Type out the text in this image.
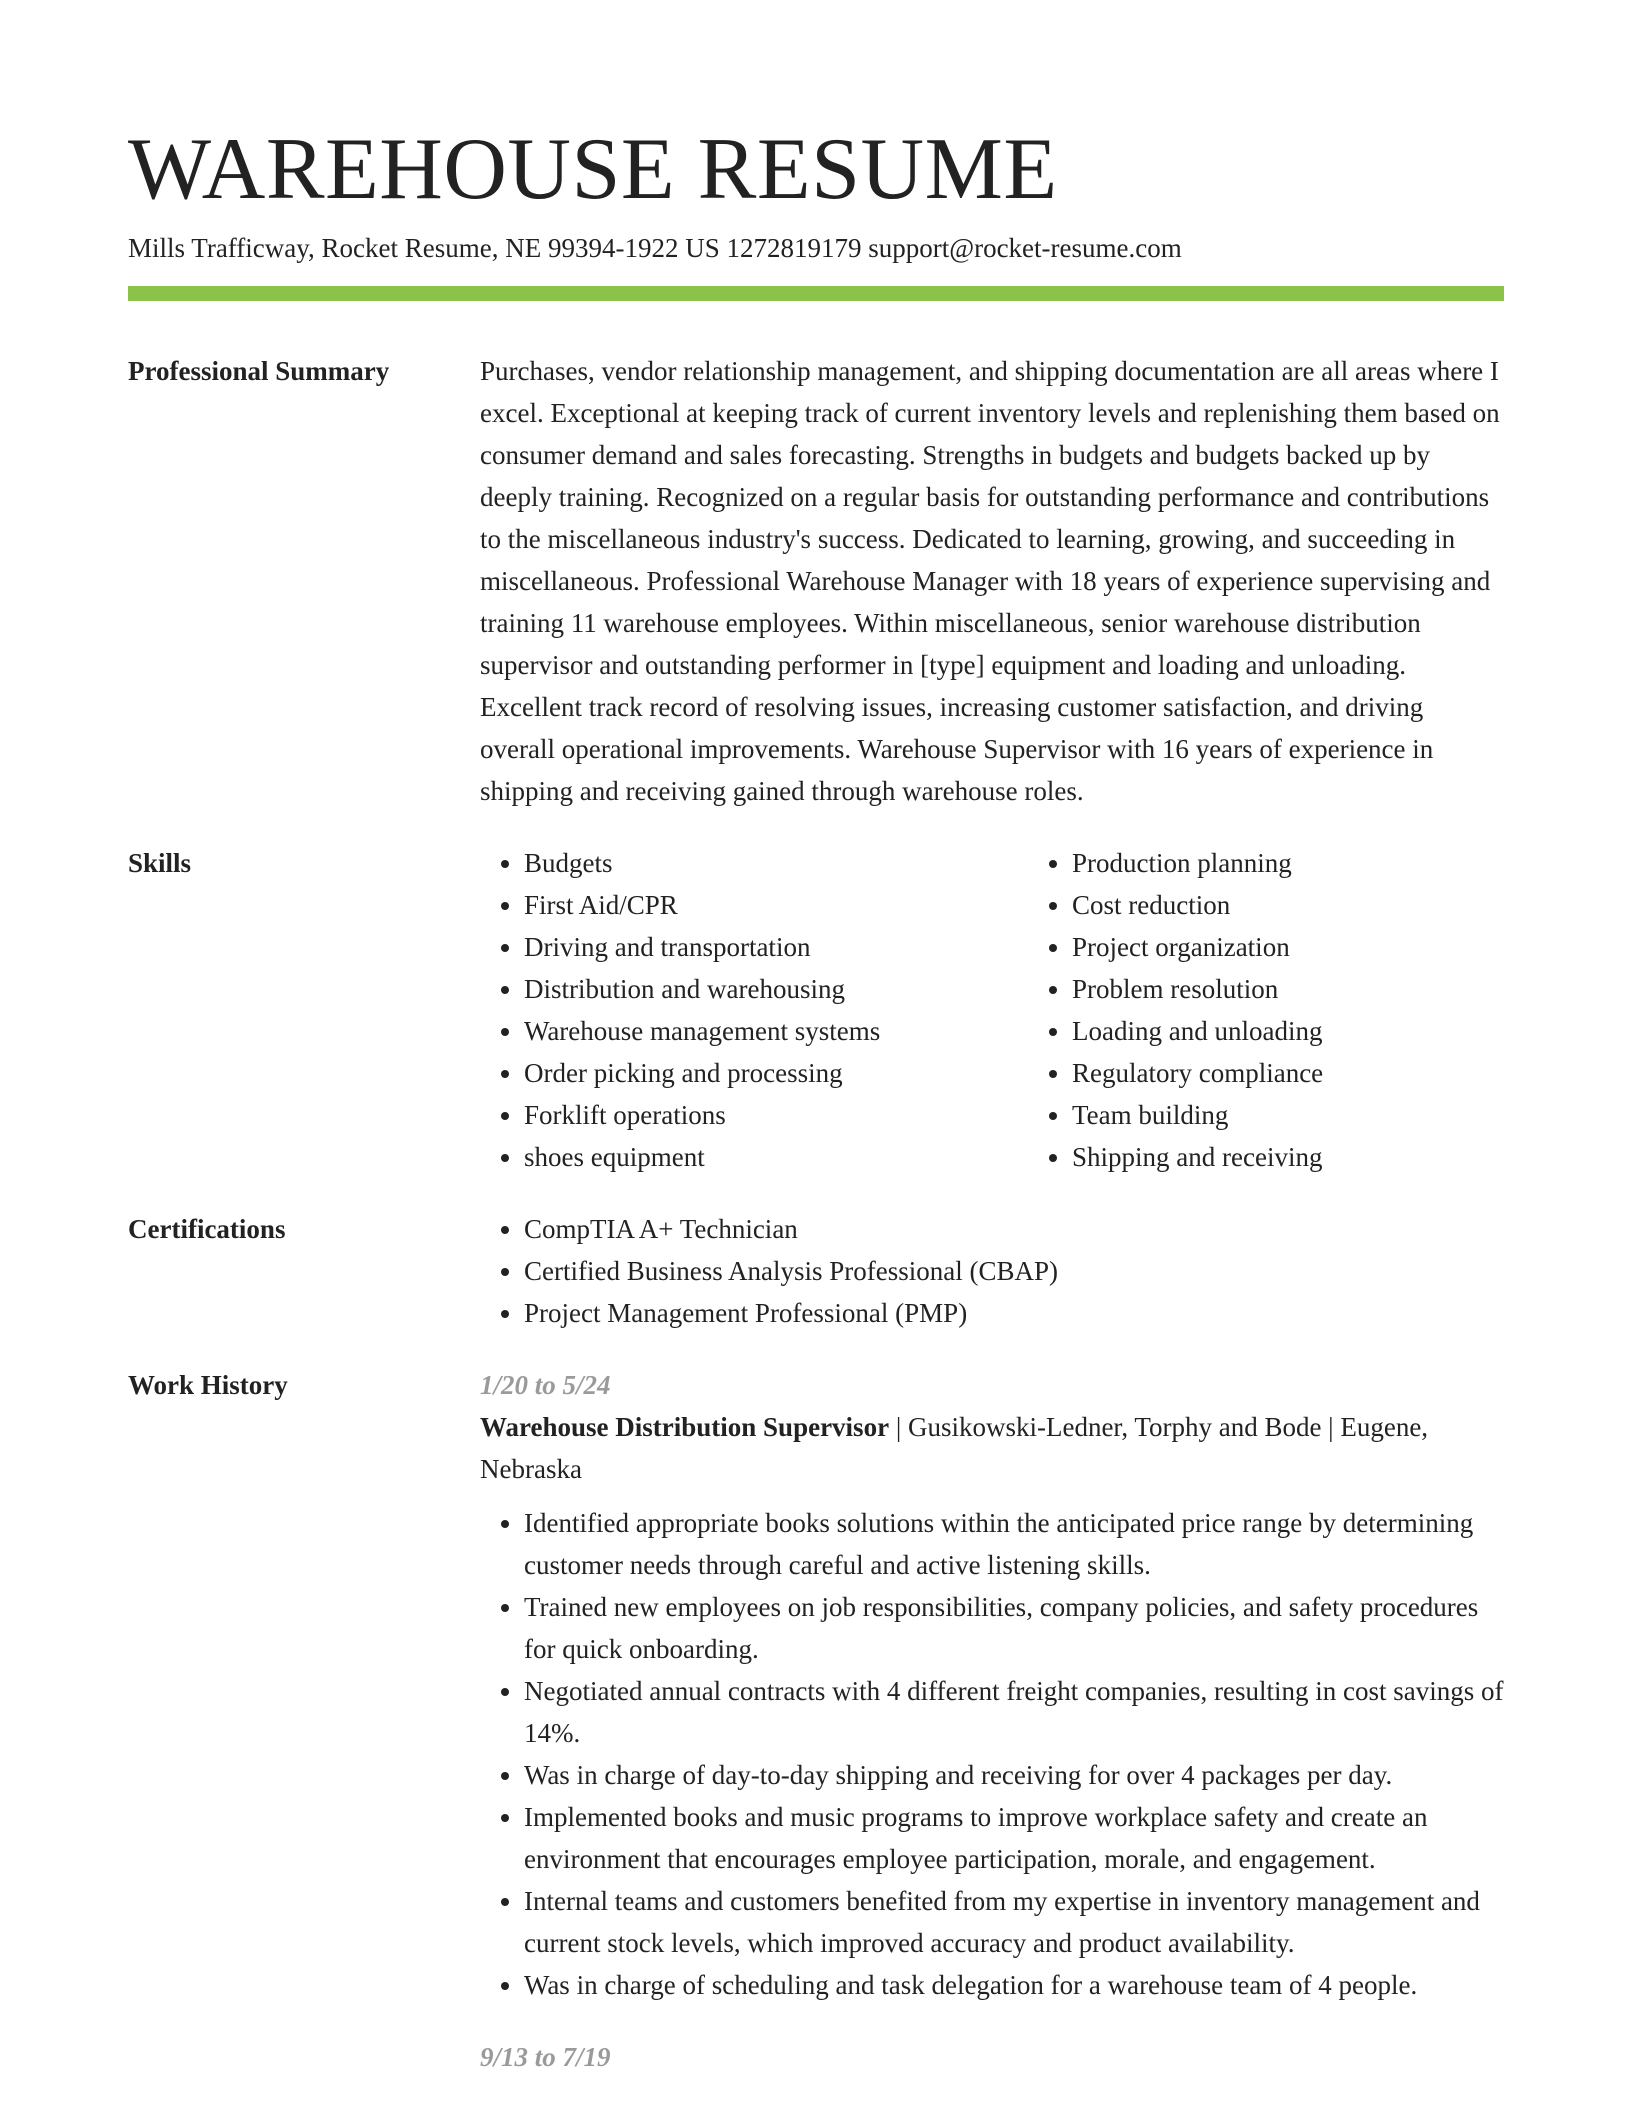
WAREHOUSE RESUME
Mills Trafficway, Rocket Resume, NE 99394-1922 US 1272819179 support@rocket-resume.com
Professional Summary	Purchases, vendor relationship management, and shipping documentation are all areas where I excel. Exceptional at keeping track of current inventory levels and replenishing them based on consumer demand and sales forecasting. Strengths in budgets and budgets backed up by deeply training. Recognized on a regular basis for outstanding performance and contributions to the miscellaneous industry's success. Dedicated to learning, growing, and succeeding in miscellaneous. Professional Warehouse Manager with 18 years of experience supervising and training 11 warehouse employees. Within miscellaneous, senior warehouse distribution supervisor and outstanding performer in [type] equipment and loading and unloading. Excellent track record of resolving issues, increasing customer satisfaction, and driving overall operational improvements. Warehouse Supervisor with 16 years of experience in shipping and receiving gained through warehouse roles.

Skills	• Budgets
• First Aid/CPR
• Driving and transportation
• Distribution and warehousing
• Warehouse management systems
• Order picking and processing
• Forklift operations
• shoes equipment
• Production planning
• Cost reduction
• Project organization
• Problem resolution
• Loading and unloading
• Regulatory compliance
• Team building
• Shipping and receiving
Certifications	• CompTIA A+ Technician
• Certified Business Analysis Professional (CBAP)
• Project Management Professional (PMP)
Work History	1/20 to 5/24
Warehouse Distribution Supervisor | Gusikowski-Ledner, Torphy and Bode | Eugene, Nebraska
• Identified appropriate books solutions within the anticipated price range by determining customer needs through careful and active listening skills.
• Trained new employees on job responsibilities, company policies, and safety procedures for quick onboarding.
• Negotiated annual contracts with 4 different freight companies, resulting in cost savings of 14%.
• Was in charge of day-to-day shipping and receiving for over 4 packages per day.
• Implemented books and music programs to improve workplace safety and create an environment that encourages employee participation, morale, and engagement.
• Internal teams and customers benefited from my expertise in inventory management and current stock levels, which improved accuracy and product availability.
• Was in charge of scheduling and task delegation for a warehouse team of 4 people.
9/13 to 7/19
